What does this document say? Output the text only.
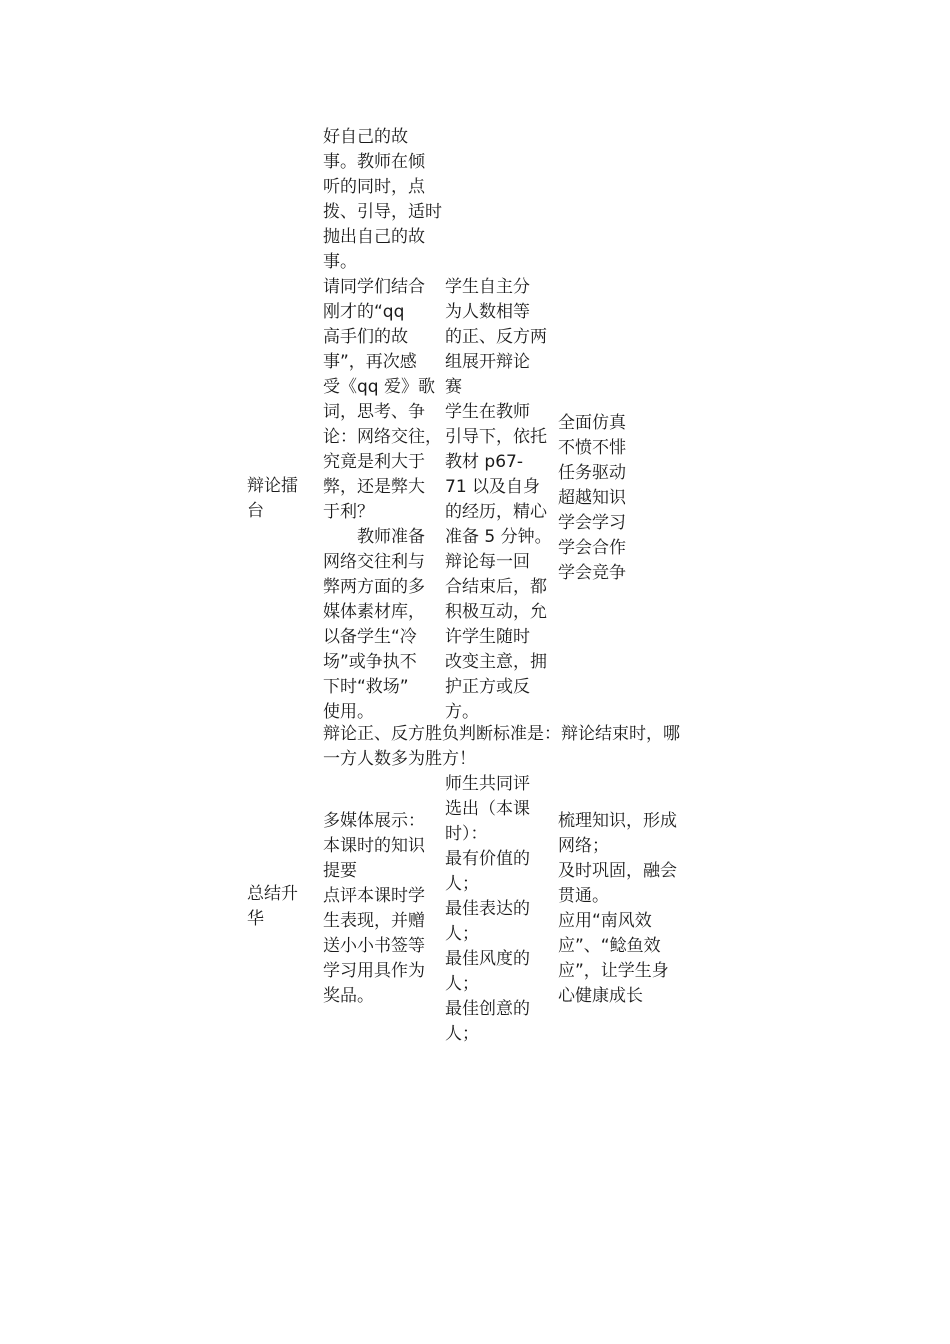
好自己的故
事。教师在倾
听的同时，点
拨、引导，适时
抛出自己的故
事。
辩论擂
台
请同学们结合
刚才的“qq
高手们的故
事”，再次感
受《qq 爱》歌
词，思考、争
论：网络交往，
究竟是利大于
弊，还是弊大
于利？
　　教师准备
网络交往利与
弊两方面的多
媒体素材库，
以备学生“冷
场”或争执不
下时“救场”
使用。
学生自主分
为人数相等
的正、反方两
组展开辩论
赛
学生在教师
引导下，依托
教材 p67-
71 以及自身
的经历，精心
准备 5 分钟。
辩论每一回
合结束后，都
积极互动，允
许学生随时
改变主意，拥
护正方或反
方。
全面仿真
不愤不悱
任务驱动
超越知识
学会学习
学会合作
学会竞争
辩论正、反方胜负判断标准是：辩论结束时，哪
一方人数多为胜方！
总结升
华
多媒体展示：
本课时的知识
提要
点评本课时学
生表现，并赠
送小小书签等
学习用具作为
奖品。
师生共同评
选出（本课
时）：
最有价值的
人；
最佳表达的
人；
最佳风度的
人；
最佳创意的
人；
梳理知识，形成
网络；
及时巩固，融会
贯通。
应用“南风效
应”、“鲶鱼效
应”，让学生身
心健康成长
